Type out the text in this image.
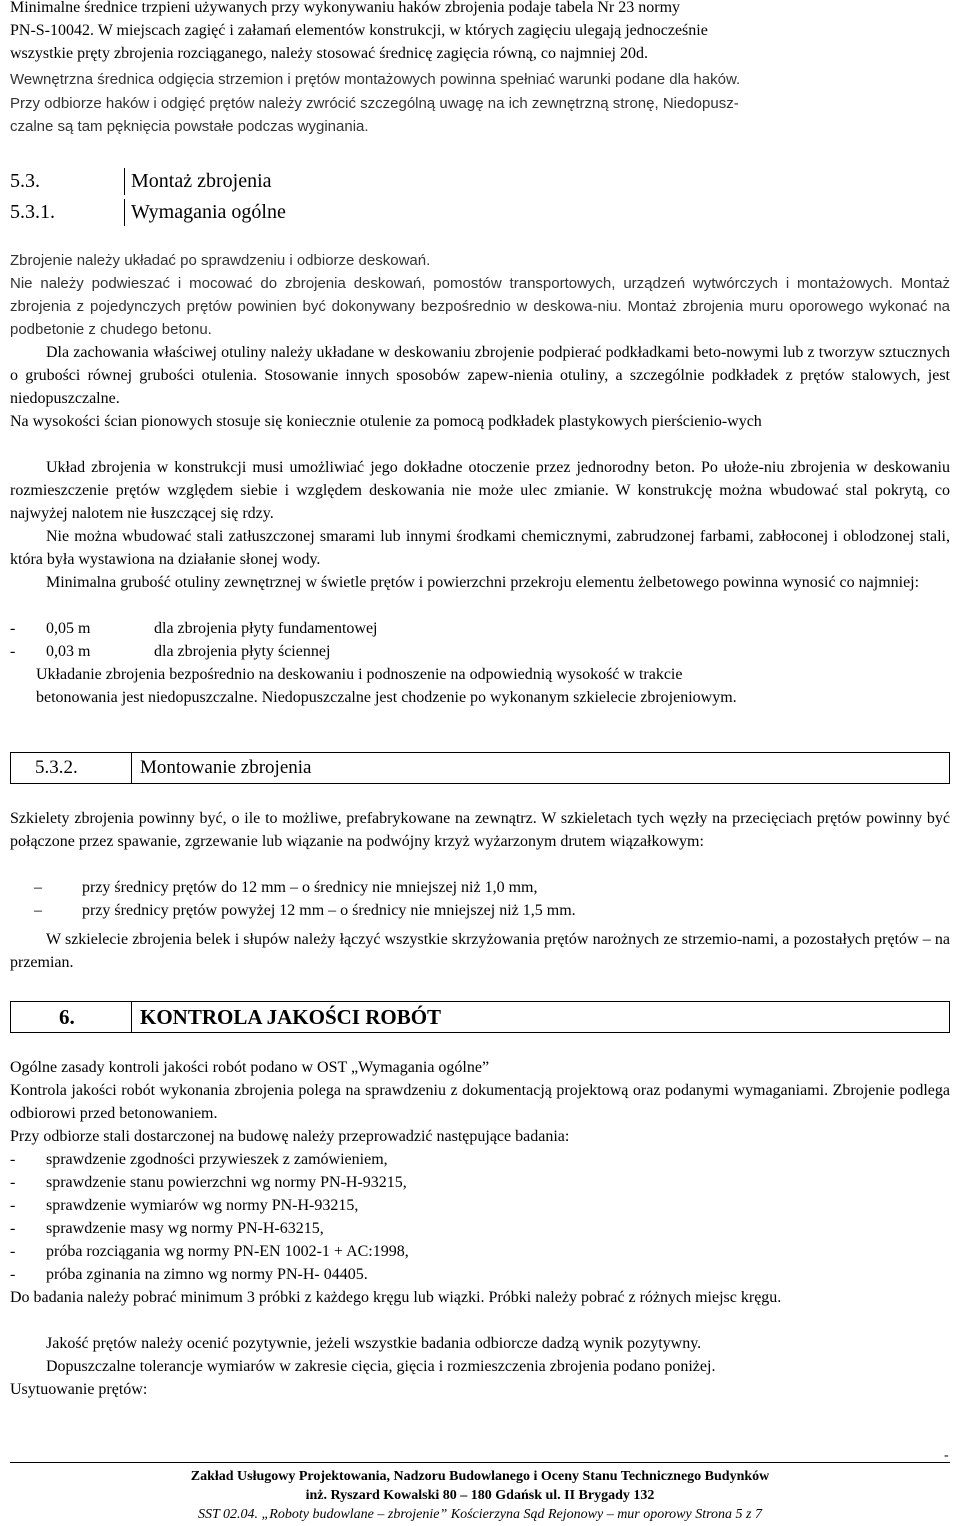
Minimalne średnice trzpieni używanych przy wykonywaniu haków zbrojenia podaje tabela Nr 23 normy

PN-S-10042. W miejscach zagięć i załamań elementów konstrukcji, w których zagięciu ulegają jednocześnie

wszystkie pręty zbrojenia rozciąganego, należy stosować średnicę zagięcia równą, co najmniej 20d.

Wewnętrzna średnica odgięcia strzemion i prętów montażowych powinna spełniać warunki podane dla haków.

Przy odbiorze haków i odgięć prętów należy zwrócić szczególną uwagę na ich zewnętrzną stronę, Niedopusz-

czalne są tam pęknięcia powstałe podczas wyginania.

5.3.	Montaż zbrojenia
5.3.1.	Wymagania ogólne

Zbrojenie należy układać po sprawdzeniu i odbiorze deskowań.

Nie należy podwieszać i mocować do zbrojenia deskowań, pomostów transportowych, urządzeń wytwórczych i montażowych. Montaż zbrojenia z pojedynczych prętów powinien być dokonywany bezpośrednio w deskowa-niu. Montaż zbrojenia muru oporowego wykonać na podbetonie z chudego betonu.

Dla zachowania właściwej otuliny należy układane w deskowaniu zbrojenie podpierać podkładkami beto-nowymi lub z tworzyw sztucznych o grubości równej grubości otulenia. Stosowanie innych sposobów zapew-nienia otuliny, a szczególnie podkładek z prętów stalowych, jest niedopuszczalne.

Na wysokości ścian pionowych stosuje się koniecznie otulenie za pomocą podkładek plastykowych pierścienio-wych

Układ zbrojenia w konstrukcji musi umożliwiać jego dokładne otoczenie przez jednorodny beton. Po ułoże-niu zbrojenia w deskowaniu rozmieszczenie prętów względem siebie i względem deskowania nie może ulec zmianie. W konstrukcję można wbudować stal pokrytą, co najwyżej nalotem nie łuszczącej się rdzy.

Nie można wbudować stali zatłuszczonej smarami lub innymi środkami chemicznymi, zabrudzonej farbami, zabłoconej i oblodzonej stali, która była wystawiona na działanie słonej wody.

Minimalna grubość otuliny zewnętrznej w świetle prętów i powierzchni przekroju elementu żelbetowego powinna wynosić co najmniej:

- 0,05 m	dla zbrojenia płyty fundamentowej

- 0,03 m	dla zbrojenia płyty ściennej

Układanie zbrojenia bezpośrednio na deskowaniu i podnoszenie na odpowiednią wysokość w trakcie

betonowania jest niedopuszczalne. Niedopuszczalne jest chodzenie po wykonanym szkielecie zbrojeniowym.

5.3.2.	Montowanie zbrojenia

Szkielety zbrojenia powinny być, o ile to możliwe, prefabrykowane na zewnątrz. W szkieletach tych węzły na przecięciach prętów powinny być połączone przez spawanie, zgrzewanie lub wiązanie na podwójny krzyż wyżarzonym drutem wiązałkowym:

–	przy średnicy prętów do 12 mm – o średnicy nie mniejszej niż 1,0 mm,

–	przy średnicy prętów powyżej 12 mm – o średnicy nie mniejszej niż 1,5 mm.

W szkielecie zbrojenia belek i słupów należy łączyć wszystkie skrzyżowania prętów narożnych ze strzemio-nami, a pozostałych prętów – na przemian.

6.	KONTROLA JAKOŚCI ROBÓT

Ogólne zasady kontroli jakości robót podano w OST „Wymagania ogólne”

Kontrola jakości robót wykonania zbrojenia polega na sprawdzeniu z dokumentacją projektową oraz podanymi wymaganiami. Zbrojenie podlega odbiorowi przed betonowaniem.

Przy odbiorze stali dostarczonej na budowę należy przeprowadzić następujące badania:

- sprawdzenie zgodności przywieszek z zamówieniem,

- sprawdzenie stanu powierzchni wg normy PN-H-93215,

- sprawdzenie wymiarów wg normy PN-H-93215,

- sprawdzenie masy wg normy PN-H-63215,

- próba rozciągania wg normy PN-EN 1002-1 + AC:1998,

- próba zginania na zimno wg normy PN-H- 04405.

Do badania należy pobrać minimum 3 próbki z każdego kręgu lub wiązki. Próbki należy pobrać z różnych miejsc kręgu.

Jakość prętów należy ocenić pozytywnie, jeżeli wszystkie badania odbiorcze dadzą wynik pozytywny.

Dopuszczalne tolerancje wymiarów w zakresie cięcia, gięcia i rozmieszczenia zbrojenia podano poniżej.

Usytuowanie prętów:

-
Zakład Usługowy Projektowania, Nadzoru Budowlanego i Oceny Stanu Technicznego Budynków
inż. Ryszard Kowalski 80 – 180 Gdańsk ul. II Brygady 132
SST 02.04. „Roboty budowlane – zbrojenie” Kościerzyna Sąd Rejonowy – mur oporowy Strona 5 z 7
